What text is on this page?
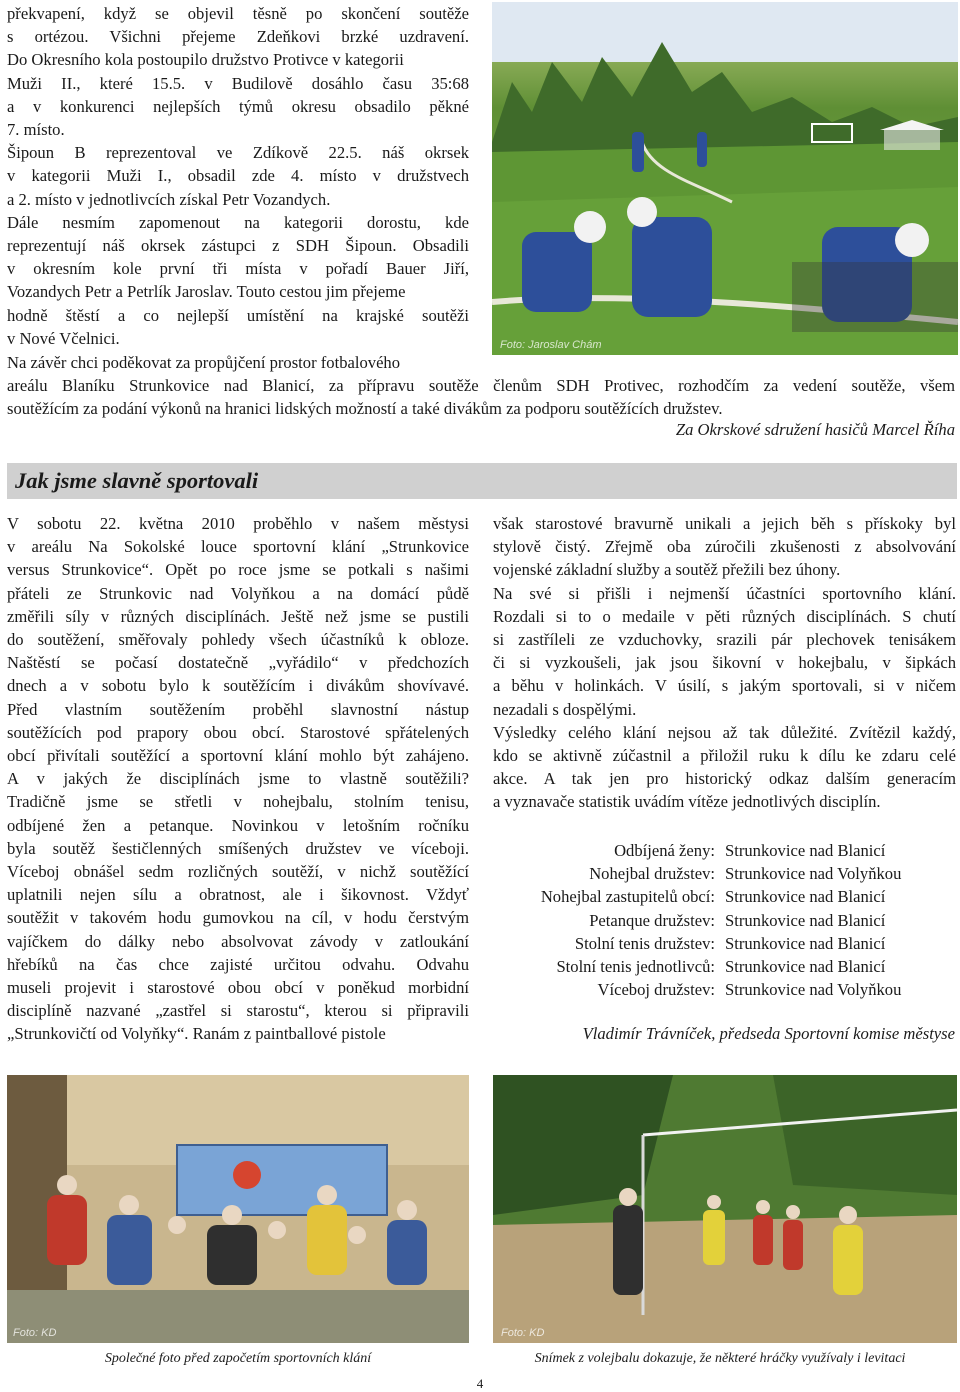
překvapení, když se objevil těsně po skončení soutěže
s ortézou. Všichni přejeme Zdeňkovi brzké uzdravení.
Do Okresního kola postoupilo družstvo Protivce v kategorii
Muži II., které 15.5. v Budilově dosáhlo času 35:68
a v konkurenci nejlepších týmů okresu obsadilo pěkné
7. místo.
Šipoun B reprezentoval ve Zdíkově 22.5. náš okrsek
v kategorii Muži I., obsadil zde 4. místo v družstvech
a 2. místo v jednotlivcích získal Petr Vozandych.
Dále nesmím zapomenout na kategorii dorostu, kde
reprezentují náš okrsek zástupci z SDH Šipoun. Obsadili
v okresním kole první tři místa v pořadí Bauer Jiří,
Vozandych Petr a Petrlík Jaroslav. Touto cestou jim přejeme
hodně štěstí a co nejlepší umístění na krajské soutěži
v Nové Včelnici.	Foto: Jaroslav Chám
Na závěr chci poděkovat za propůjčení prostor fotbalového
areálu Blaníku Strunkovice nad Blanicí, za přípravu soutěže členům SDH Protivec, rozhodčím za vedení soutěže, všem
soutěžícím za podání výkonů na hranici lidských možností a také divákům za podporu soutěžících družstev.
Za Okrskové sdružení hasičů Marcel Říha
Jak jsme slavně sportovali
V sobotu 22. května 2010 proběhlo v našem městysi
v areálu Na Sokolské louce sportovní klání „Strunkovice
versus Strunkovice“. Opět po roce jsme se potkali s našimi
přáteli ze Strunkovic nad Volyňkou a na domácí půdě
změřili síly v různých disciplínách. Ještě než jsme se pustili
do soutěžení, směřovaly pohledy všech účastníků k obloze.
Naštěstí se počasí dostatečně „vyřádilo“ v předchozích
dnech a v sobotu bylo k soutěžícím i divákům shovívavé.
Před vlastním soutěžením proběhl slavnostní nástup
soutěžících pod prapory obou obcí. Starostové spřátelených
obcí přivítali soutěžící a sportovní klání mohlo být zahájeno.
A v jakých že disciplínách jsme to vlastně soutěžili?
Tradičně jsme se střetli v nohejbalu, stolním tenisu,
odbíjené žen a petanque. Novinkou v letošním ročníku
byla soutěž šestičlenných smíšených družstev ve víceboji.
Víceboj obnášel sedm rozličných soutěží, v nichž soutěžící
uplatnili nejen sílu a obratnost, ale i šikovnost. Vždyť
soutěžit v takovém hodu gumovkou na cíl, v hodu čerstvým
vajíčkem do dálky nebo absolvovat závody v zatloukání
hřebíků na čas chce zajisté určitou odvahu. Odvahu
museli projevit i starostové obou obcí v poněkud morbidní
disciplíně nazvané „zastřel si starostu“, kterou si připravili
„Strunkovičtí od Volyňky“. Ranám z paintballové pistole
však starostové bravurně unikali a jejich běh s přískoky byl
stylově čistý. Zřejmě oba zúročili zkušenosti z absolvování
vojenské základní služby a soutěž přežili bez úhony.
Na své si přišli i nejmenší účastníci sportovního klání.
Rozdali si to o medaile v pěti různých disciplínách. S chutí
si zastříleli ze vzduchovky, srazili pár plechovek tenisákem
či si vyzkoušeli, jak jsou šikovní v hokejbalu, v šipkách
a běhu v holinkách. V úsilí, s jakým sportovali, si v ničem
nezadali s dospělými.
Výsledky celého klání nejsou až tak důležité. Zvítězil každý,
kdo se aktivně zúčastnil a přiložil ruku k dílu ke zdaru celé
akce. A tak jen pro historický odkaz dalším generacím
a vyznavače statistik uvádím vítěze jednotlivých disciplín.
Odbíjená ženy: Strunkovice nad Blanicí
Nohejbal družstev: Strunkovice nad Volyňkou
Nohejbal zastupitelů obcí: Strunkovice nad Blanicí
Petanque družstev: Strunkovice nad Blanicí
Stolní tenis družstev: Strunkovice nad Blanicí
Stolní tenis jednotlivců: Strunkovice nad Blanicí
Víceboj družstev: Strunkovice nad Volyňkou
Vladimír Trávníček, předseda Sportovní komise městyse
Foto: KD	Foto: KD
Společné foto před započetím sportovních klání	Snímek z volejbalu dokazuje, že některé hráčky využívaly i levitaci
4
